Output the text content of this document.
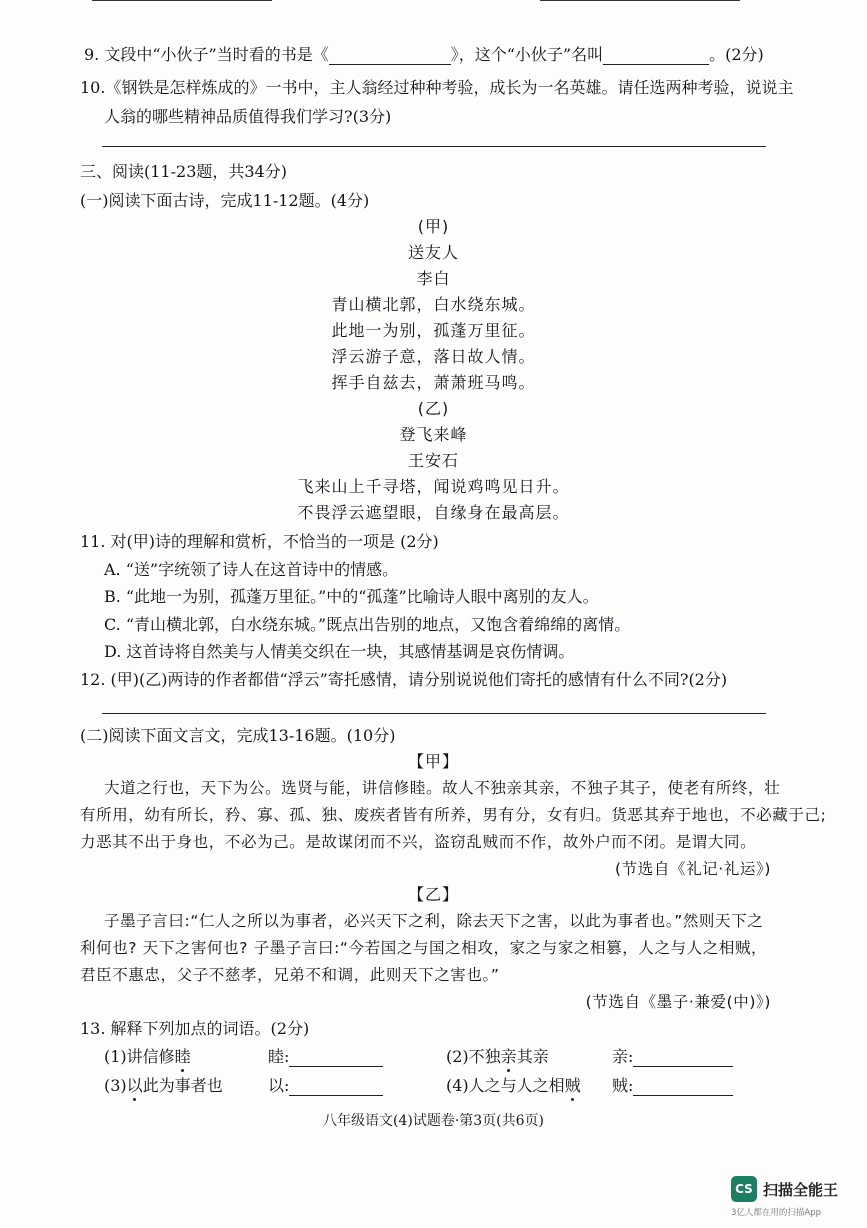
9. 文段中“小伙子”当时看的书是《	》，这个“小伙子”名叫	。(2分)
10.《钢铁是怎样炼成的》一书中，主人翁经过种种考验，成长为一名英雄。请任选两种考验，说说主
人翁的哪些精神品质值得我们学习?(3分)
三、阅读(11-23题，共34分)
(一)阅读下面古诗，完成11-12题。(4分)
(甲)
送友人
李白
青山横北郭，白水绕东城。
此地一为别，孤蓬万里征。
浮云游子意，落日故人情。
挥手自兹去，萧萧班马鸣。
(乙)
登飞来峰
王安石
飞来山上千寻塔，闻说鸡鸣见日升。
不畏浮云遮望眼，自缘身在最高层。
11. 对(甲)诗的理解和赏析，不恰当的一项是 (2分)
A. “送”字统领了诗人在这首诗中的情感。
B. “此地一为别，孤蓬万里征。”中的“孤蓬”比喻诗人眼中离别的友人。
C. “青山横北郭，白水绕东城。”既点出告别的地点，又饱含着绵绵的离情。
D. 这首诗将自然美与人情美交织在一块，其感情基调是哀伤情调。
12. (甲)(乙)两诗的作者都借“浮云”寄托感情，请分别说说他们寄托的感情有什么不同?(2分)
(二)阅读下面文言文，完成13-16题。(10分)
【甲】
大道之行也，天下为公。选贤与能，讲信修睦。故人不独亲其亲，不独子其子，使老有所终，壮
有所用，幼有所长，矜、寡、孤、独、废疾者皆有所养，男有分，女有归。货恶其弃于地也，不必藏于己;
力恶其不出于身也，不必为己。是故谋闭而不兴，盗窃乱贼而不作，故外户而不闭。是谓大同。
(节选自《礼记·礼运》)
【乙】
子墨子言曰:“仁人之所以为事者，必兴天下之利，除去天下之害，以此为事者也。”然则天下之
利何也? 天下之害何也? 子墨子言曰:“今若国之与国之相攻，家之与家之相篡，人之与人之相贼，
君臣不惠忠，父子不慈孝，兄弟不和调，此则天下之害也。”
(节选自《墨子·兼爱(中)》)
13. 解释下列加点的词语。(2分)
(1)讲信修睦	睦:	(2)不独亲其亲	亲:
(3)以此为事者也	以:	(4)人之与人之相贼 贼:
八年级语文(4)试题卷·第3页(共6页)
CS 扫描全能王
3亿人都在用的扫描App
